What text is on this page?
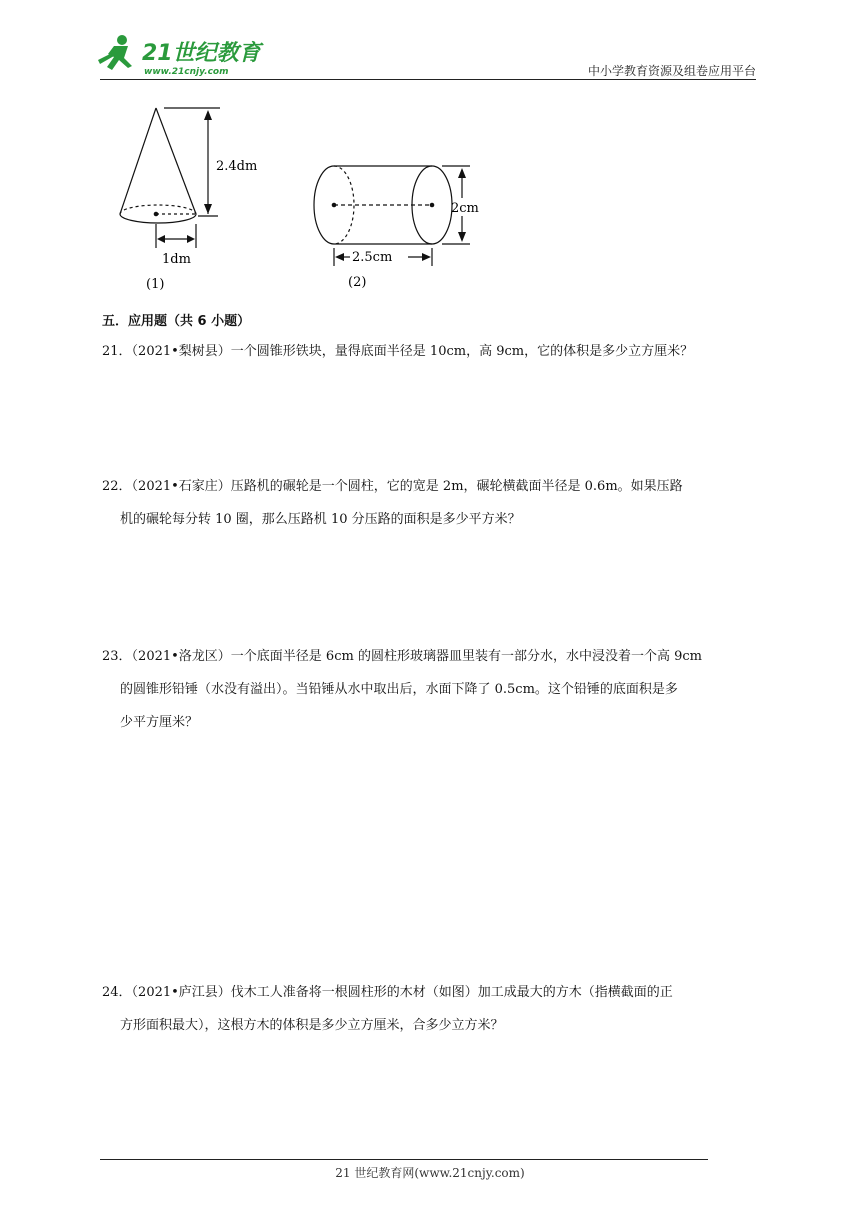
21世纪教育
www.21cnjy.com	中小学教育资源及组卷应用平台
2.4dm
1dm
(1)
2cm
2.5cm
(2)
五．应用题（共 6 小题）
21．（2021•梨树县）一个圆锥形铁块，量得底面半径是 10cm，高 9cm，它的体积是多少立方厘米？
22．（2021•石家庄）压路机的碾轮是一个圆柱，它的宽是 2m，碾轮横截面半径是 0.6m。如果压路
机的碾轮每分转 10 圈，那么压路机 10 分压路的面积是多少平方米？
23．（2021•洛龙区）一个底面半径是 6cm 的圆柱形玻璃器皿里装有一部分水，水中浸没着一个高 9cm
的圆锥形铅锤（水没有溢出）。当铅锤从水中取出后，水面下降了 0.5cm。这个铅锤的底面积是多
少平方厘米？
24．（2021•庐江县）伐木工人准备将一根圆柱形的木材（如图）加工成最大的方木（指横截面的正
方形面积最大），这根方木的体积是多少立方厘米，合多少立方米？
21 世纪教育网(www.21cnjy.com)
